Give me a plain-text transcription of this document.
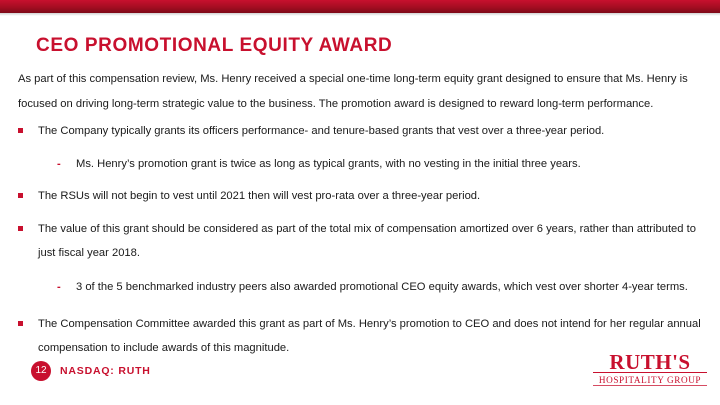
CEO PROMOTIONAL EQUITY AWARD

As part of this compensation review, Ms. Henry received a special one-time long-term equity grant designed to ensure that Ms. Henry is focused on driving long-term strategic value to the business. The promotion award is designed to reward long-term performance.

The Company typically grants its officers performance- and tenure-based grants that vest over a three-year period.
- Ms. Henry’s promotion grant is twice as long as typical grants, with no vesting in the initial three years.
The RSUs will not begin to vest until 2021 then will vest pro-rata over a three-year period.
The value of this grant should be considered as part of the total mix of compensation amortized over 6 years, rather than attributed to just fiscal year 2018.
- 3 of the 5 benchmarked industry peers also awarded promotional CEO equity awards, which vest over shorter 4-year terms.
The Compensation Committee awarded this grant as part of Ms. Henry’s promotion to CEO and does not intend for her regular annual compensation to include awards of this magnitude.
12	NASDAQ: RUTH	RUTH'S
HOSPITALITY GROUP
